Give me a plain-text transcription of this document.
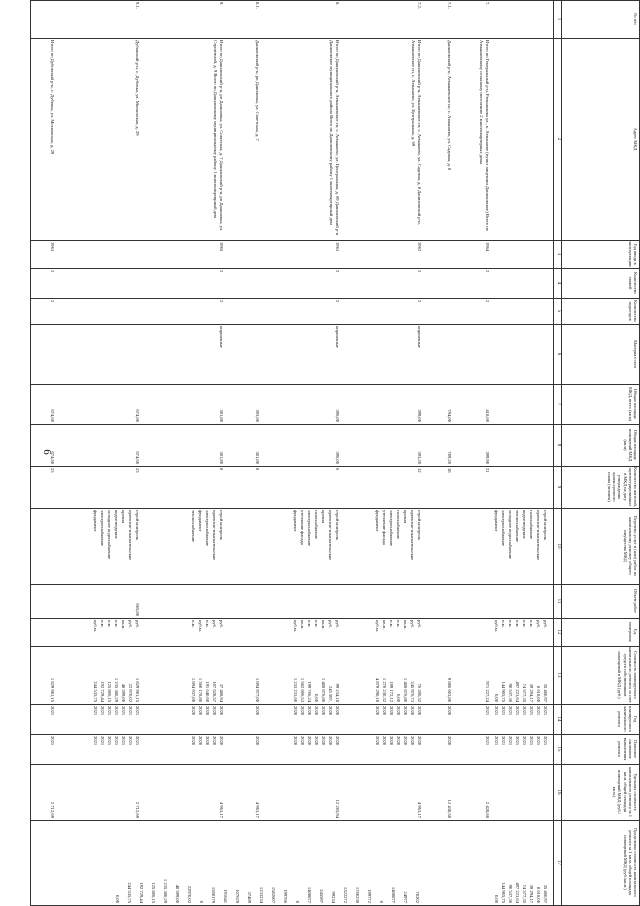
6
№ п/п
Адрес МКД
Год ввода в эксплуатацию
Количество этажей
Количество подъездов
Материал стен
Общая площадь МКД, всего (кв.м)
Общая площадь помещений МКД (кв.м)
Количество жителей, зарегистрированных в МКД на дату утверждения краткосрочного плана (человек)
Перечень услуг и (или) работ по капитальному ремонту общего имущества МКД
Объем работ
Ед. измерения
Стоимость планируемого капитального ремонта за счет средств собственников помещений в МКД (руб.)
Год планируемого капитального ремонта
Плановое окончание выполнения ремонта
Удельная стоимость капитального ремонта за 1 кв.м. общей площади помещений МКД (руб./кв.м.)
Предельная стоимость капитального ремонта за 1 кв.м. общей площади помещений МКД (руб./кв.м.)
1
2
3
4
5
6
7
8
9
10
11
12
13
14
15
16
17
строй контроль
проектно-изыскательские
газоснабжение
водоотведение
теплоснабжение
холодное водоснабжение
электроснабжение
фундамент
руб.
руб.
п.м.
п.м.
п.м.
п.м.
п.м.
куб.м.
35 460,97
8 618,00
39 294,17
74 577,35
497 223,64
90 537,36
144 905,75
0,00
2021
2021
2021
2021
2021
2021
2021
2021
2021
2021
2021
2021
2021
2021
2021
2021
7.
Итого по Генеральный р-н, Рюшникова ул., к. Атманаеве (пункт лицензии Даниловское) Всего по Атманаевскому сельскому поселению 2 многоквартирных дома
1964
2
2
418,60
399,90
21
971 227,24
2021
2021
2 428,68
7.1.
Даниловский р-н, Атманаевское сп, с. Атманаево, ул. Садовая, д. 8
794,00
789,20
18
9 886 603,80
2020
2020
12 438,58
7.2.
Итого по Даниловский р-н, Атманаевское сп, с. Атманаево, ул. Садовая, д. 8 Даниловский р-н, Атманаевское сп, с. Атманаево, ул. Центральная, д. 69
1962
2
2
кирпичные
399,00
393,20
12
строй контроль
проектно-изыскательские
кровля
газоснабжение
электроснабжение
утепление фасада
фундамент
руб.
руб.
кв.м.
п.м.
п.м.
кв.м.
куб.м.
76 200,32
245 976,73
1 408 876,80
0,00
199 172,12
1 270 230,32
4 879 290,18
2020
2020
2020
2020
2020
2020
2020
2020
2020
2020
2020
2020
2020
2020
4 963,17
8.
Итого по Даниловский р-н, Атманаевское сп, с. Атманаево, ул. Центральная, д. 69 Даниловский р-н Даниловское муниципального района Всего по Даниловскому району 1 многоквартирный дом
1963
2
2
кирпичные
396,00
396,00
6
строй контроль
проектно-изыскательские
кровля
газоснабжение
электроснабжение
утепление фасада
фундамент
руб.
руб.
кв.м.
п.м.
п.м.
кв.м.
куб.м.
99 234,18
245 597,
1 408 876,80
0,00
199 766,24
1 582 606,53
1 233 233,60
2020
2020
2020
2020
2020
2020
2020
2020
2020
2020
2020
2020
2020
2020
12 265,94
8.1.
Даниловский р-н, рп Даниловка, ул. Советская, д. 7
393,60
381,80
8
1 894 977,00
2020
2020
4 963,17
9.
Итого по Даниловский р-н, рп Даниловка, ул. Советская, д. 7 Даниловский р-н, рп Даниловка, ул. Строителей, д. 9 Всего по Даниловскому муниципальному району 1 многоквартирный дом
1965
2
2
кирпичные
381,80
381,80
8
строй контроль
проектно-изыскательские
электроснабжение
фундамент
теплоснабжение
руб.
руб.
п.м.
куб.м.
п.м.
37 488,94
107 628,57
191 640,60
1 560 178,80
1 894 937,00
2020
2020
2020
2020
2020
2020
2020
2020
2020
2020
4 963,17
9.1.
Дубовский р-н, с. Дубовка, ул. Московская, д. 29
674,60
674,60
23
665,80
строй контроль
проектно-изыскательские
кровля
водоотведение
холодное водоснабжение
электроснабжение
фундамент
руб.
руб.
кв.м.
п.м.
п.м.
п.м.
куб.м.
1 829 981,15
22 970,02
48 599,00
1 235 380,29
125 806,15
192 729,44
244 535,75
2021
2021
2021
2021
2021
2021
2021
2021
2021
2021
2021
2021
2021
2021
2 712,69
Итого по Дубовский р-н, с. Дубовка, ул. Московская, д. 29
1963
2
2
674,60
674,60
23
1 829 981,15
2021
2021
2 712,69
35 460,97
8 618,00
39 294,17
74 577,35
497 223,64
90 537,36
144 905,75
0,00
70202
24977
1408877
0
199772
1760230
1322272
99234
245597
1408877
0
199766
1582607
1233234
37489
107629
191641
1560179
0
22970,02
48 599,00
1 235 380,29
125 806,15
192 729,44
244 535,75
0,00
